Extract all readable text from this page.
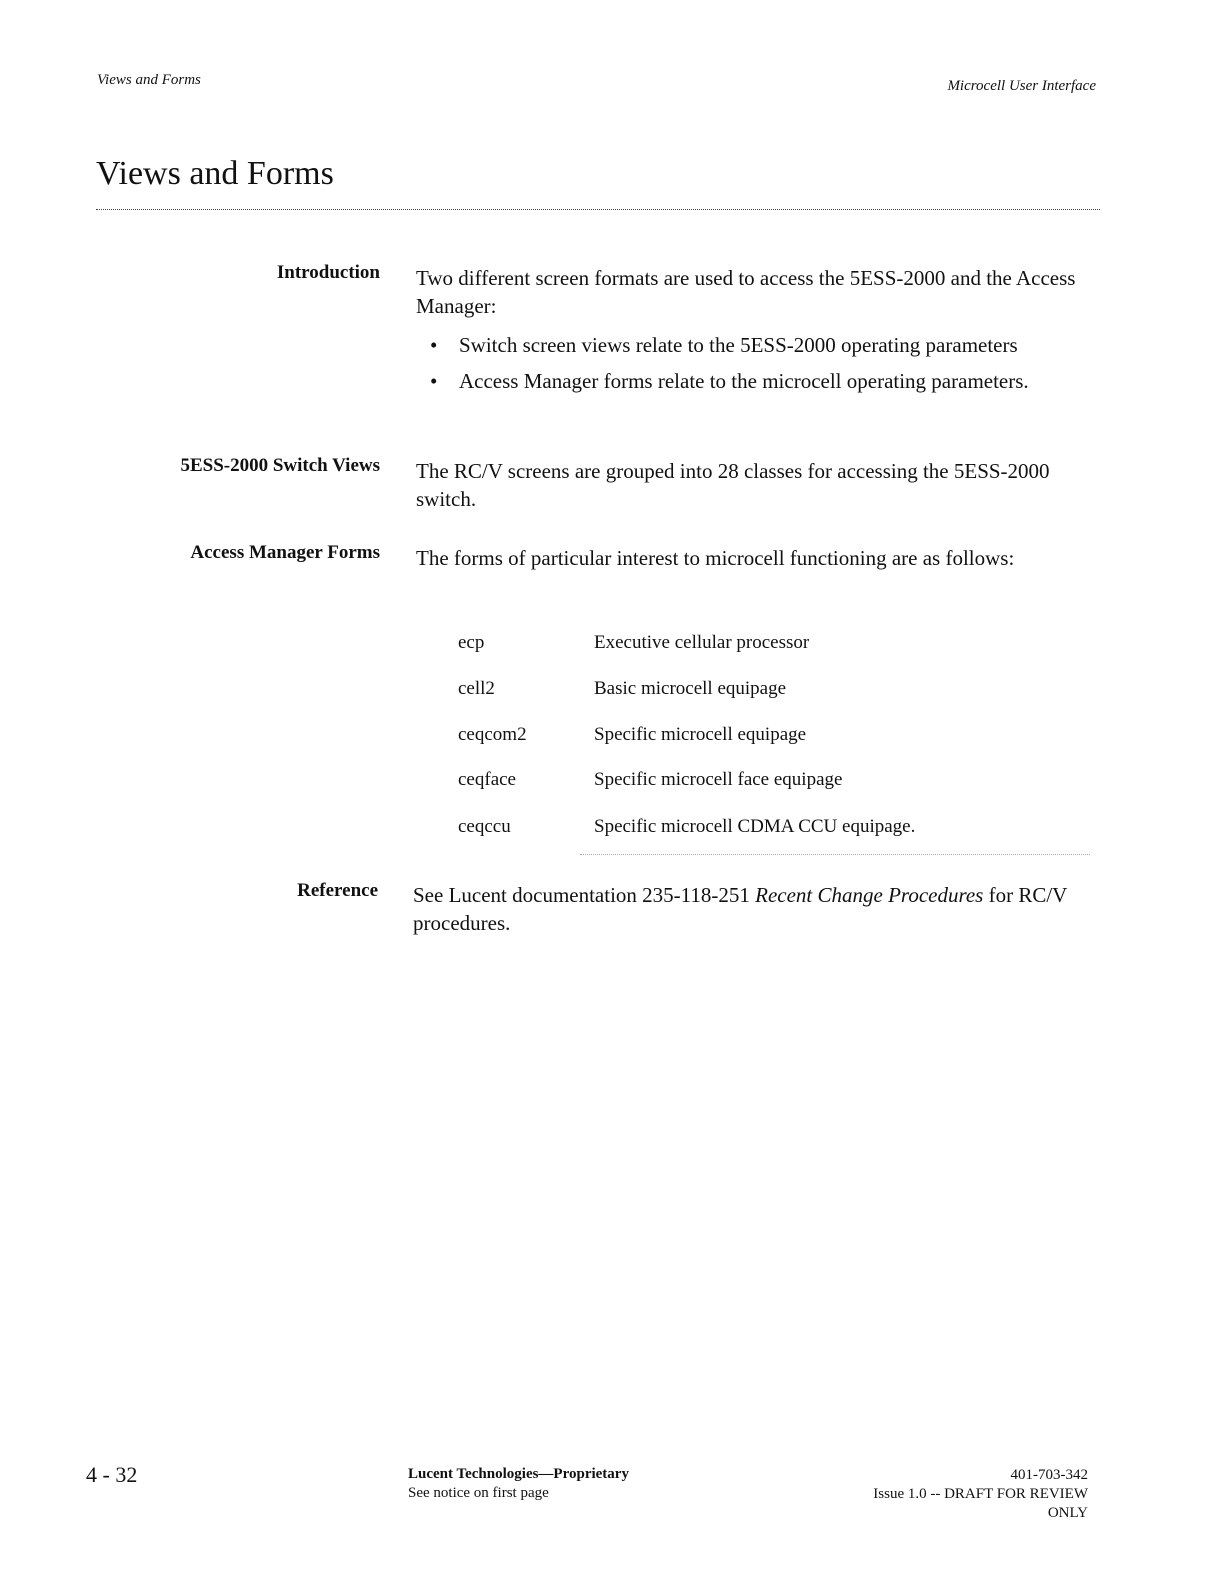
Views and Forms	Microcell User Interface
Views and Forms
Introduction Two different screen formats are used to access the 5ESS-2000 and the Access Manager:

• Switch screen views relate to the 5ESS-2000 operating parameters
• Access Manager forms relate to the microcell operating parameters.
5ESS-2000 Switch Views The RC/V screens are grouped into 28 classes for accessing the 5ESS-2000 switch.

Access Manager Forms The forms of particular interest to microcell functioning are as follows:

ecp	Executive cellular processor
cell2	Basic microcell equipage
ceqcom2	Specific microcell equipage
ceqface	Specific microcell face equipage
ceqccu	Specific microcell CDMA CCU equipage.
Reference See Lucent documentation 235-118-251 Recent Change Procedures for RC/V procedures.

4 - 32	Lucent Technologies—Proprietary
See notice on first page
401-703-342
Issue 1.0 -- DRAFT FOR REVIEW
ONLY
